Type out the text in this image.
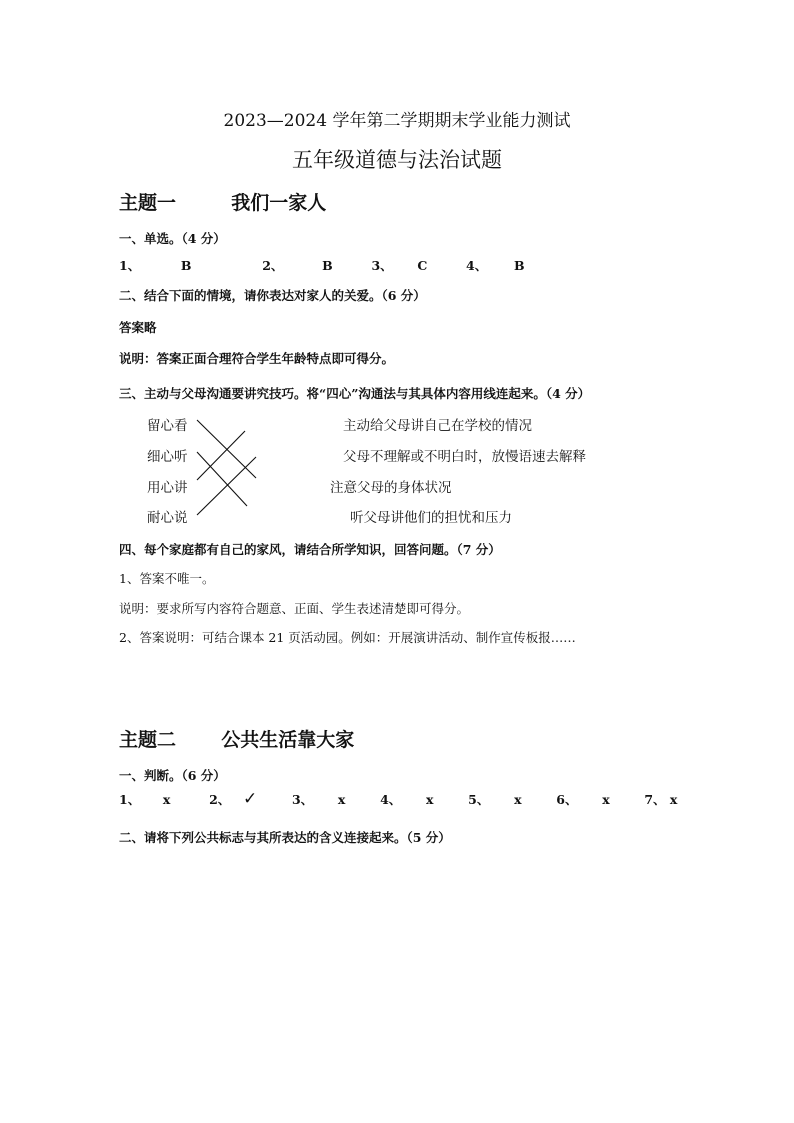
2023—2024 学年第二学期期末学业能力测试
五年级道德与法治试题
主题一	我们一家人
一、单选。（4 分）
1、	B	2、	B	3、 C	4、 B
二、结合下面的情境，请你表达对家人的关爱。（6 分）
答案略
说明：答案正面合理符合学生年龄特点即可得分。
三、主动与父母沟通要讲究技巧。将“四心”沟通法与其具体内容用线连起来。（4 分）
留心看
细心听
用心讲
耐心说
主动给父母讲自己在学校的情况
父母不理解或不明白时，放慢语速去解释
注意父母的身体状况
听父母讲他们的担忧和压力
四、每个家庭都有自己的家风，请结合所学知识，回答问题。（7 分）
1、答案不唯一。
说明：要求所写内容符合题意、正面、学生表述清楚即可得分。
2、答案说明：可结合课本 21 页活动园。例如：开展演讲活动、制作宣传板报……
主题二 公共生活靠大家
一、判断。（6 分）
1、 x	2、 ✓	3、 x	4、 x	5、 x	6、 x	7、 x
二、请将下列公共标志与其所表达的含义连接起来。（5 分）
